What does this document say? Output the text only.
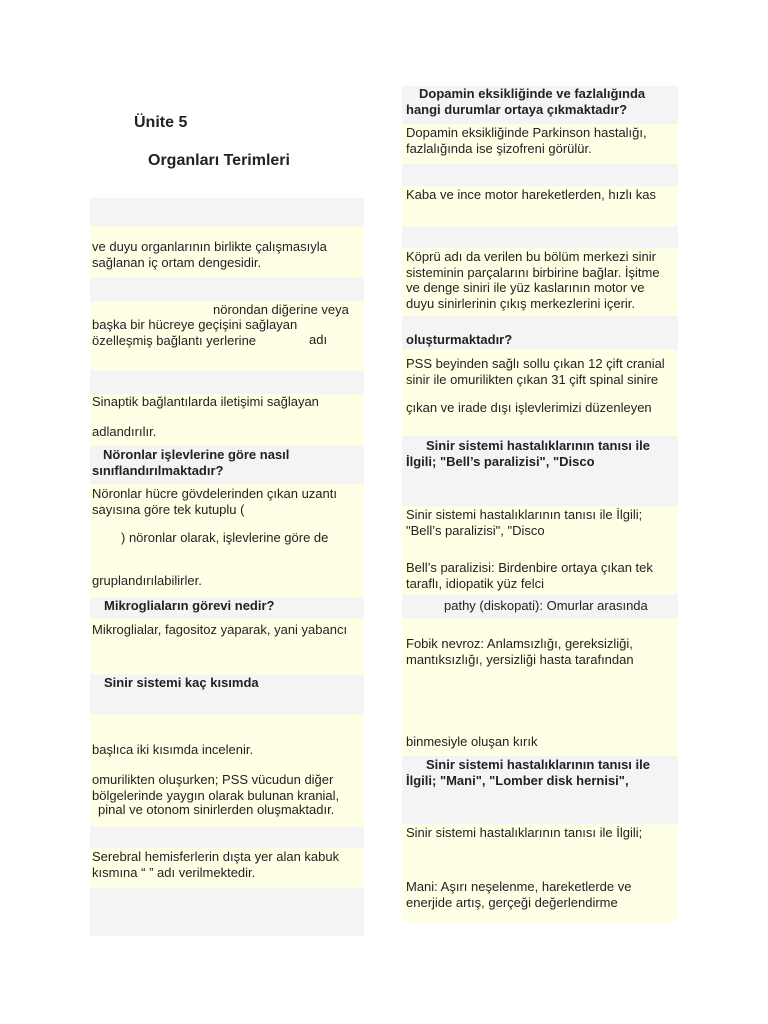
Ünite 5
Organları Terimleri
ve duyu organlarının birlikte çalışmasıyla
sağlanan iç ortam dengesidir.
nörondan diğerine veya
başka bir hücreye geçişini sağlayan
özelleşmiş bağlantı yerlerine	adı
Sinaptik bağlantılarda iletişimi sağlayan
adlandırılır.
Nöronlar işlevlerine göre nasıl
sınıflandırılmaktadır?
Nöronlar hücre gövdelerinden çıkan uzantı
sayısına göre tek kutuplu (
) nöronlar olarak, işlevlerine göre de
gruplandırılabilirler.
Mikrogliaların görevi nedir?
Mikroglialar, fagositoz yaparak, yani yabancı
Sinir sistemi kaç kısımda
başlıca iki kısımda incelenir.
omurilikten oluşurken; PSS vücudun diğer
bölgelerinde yaygın olarak bulunan kranial,
pinal ve otonom sinirlerden oluşmaktadır.
Serebral hemisferlerin dışta yer alan kabuk
kısmına “ ” adı verilmektedir.
Dopamin eksikliğinde ve fazlalığında
hangi durumlar ortaya çıkmaktadır?
Dopamin eksikliğinde Parkinson hastalığı,
fazlalığında ise şizofreni görülür.
Kaba ve ince motor hareketlerden, hızlı kas
Köprü adı da verilen bu bölüm merkezi sinir
sisteminin parçalarını birbirine bağlar. İşitme
ve denge siniri ile yüz kaslarının motor ve
duyu sinirlerinin çıkış merkezlerini içerir.
oluşturmaktadır?
PSS beyinden sağlı sollu çıkan 12 çift cranial
sinir ile omurilikten çıkan 31 çift spinal sinire
çıkan ve irade dışı işlevlerimizi düzenleyen
Sinir sistemi hastalıklarının tanısı ile
İlgili; "Bell’s paralizisi", "Disco
Sinir sistemi hastalıklarının tanısı ile İlgili;
"Bell’s paralizisi", "Disco
Bell’s paralizisi: Birdenbire ortaya çıkan tek
taraflı, idiopatik yüz felci
pathy (diskopati): Omurlar arasında
Fobik nevroz: Anlamsızlığı, gereksizliği,
mantıksızlığı, yersizliği hasta tarafından
binmesiyle oluşan kırık
Sinir sistemi hastalıklarının tanısı ile
İlgili; "Mani", "Lomber disk hernisi",
Sinir sistemi hastalıklarının tanısı ile İlgili;
Mani: Aşırı neşelenme, hareketlerde ve
enerjide artış, gerçeği değerlendirme
